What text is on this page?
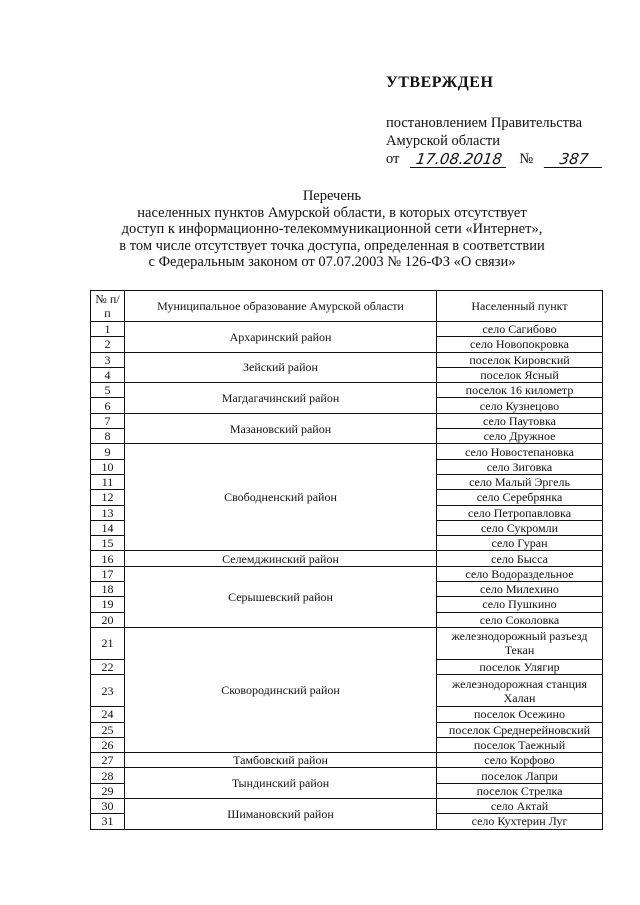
УТВЕРЖДЕН
постановлением Правительства
Амурской области
от	17.08.2018	№	387
Перечень
населенных пунктов Амурской области, в которых отсутствует
доступ к информационно-телекоммуникационной сети «Интернет»,
в том числе отсутствует точка доступа, определенная в соответствии
с Федеральным законом от 07.07.2003 № 126-ФЗ «О связи»
№ п/п	Муниципальное образование Амурской области	Населенный пункт
1	Архаринский район	село Сагибово
2		село Новопокровка
3	Зейский район	поселок Кировский
4		поселок Ясный
5	Магдагачинский район	поселок 16 километр
6		село Кузнецово
7	Мазановский район	село Паутовка
8		село Дружное
9	Свободненский район	село Новостепановка
10		село Зиговка
11		село Малый Эргель
12		село Серебрянка
13		село Петропавловка
14		село Сукромли
15		село Гуран
16	Селемджинский район	село Бысса
17	Серышевский район	село Водораздельное
18		село Милехино
19		село Пушкино
20		село Соколовка
21	Сковородинский район	железнодорожный разъезд Текан
22		поселок Улягир
23		железнодорожная станция Халан
24		поселок Осежино
25		поселок Среднерейновский
26		поселок Таежный
27	Тамбовский район	село Корфово
28	Тындинский район	поселок Лапри
29		поселок Стрелка
30	Шимановский район	село Актай
31		село Кухтерин Луг
